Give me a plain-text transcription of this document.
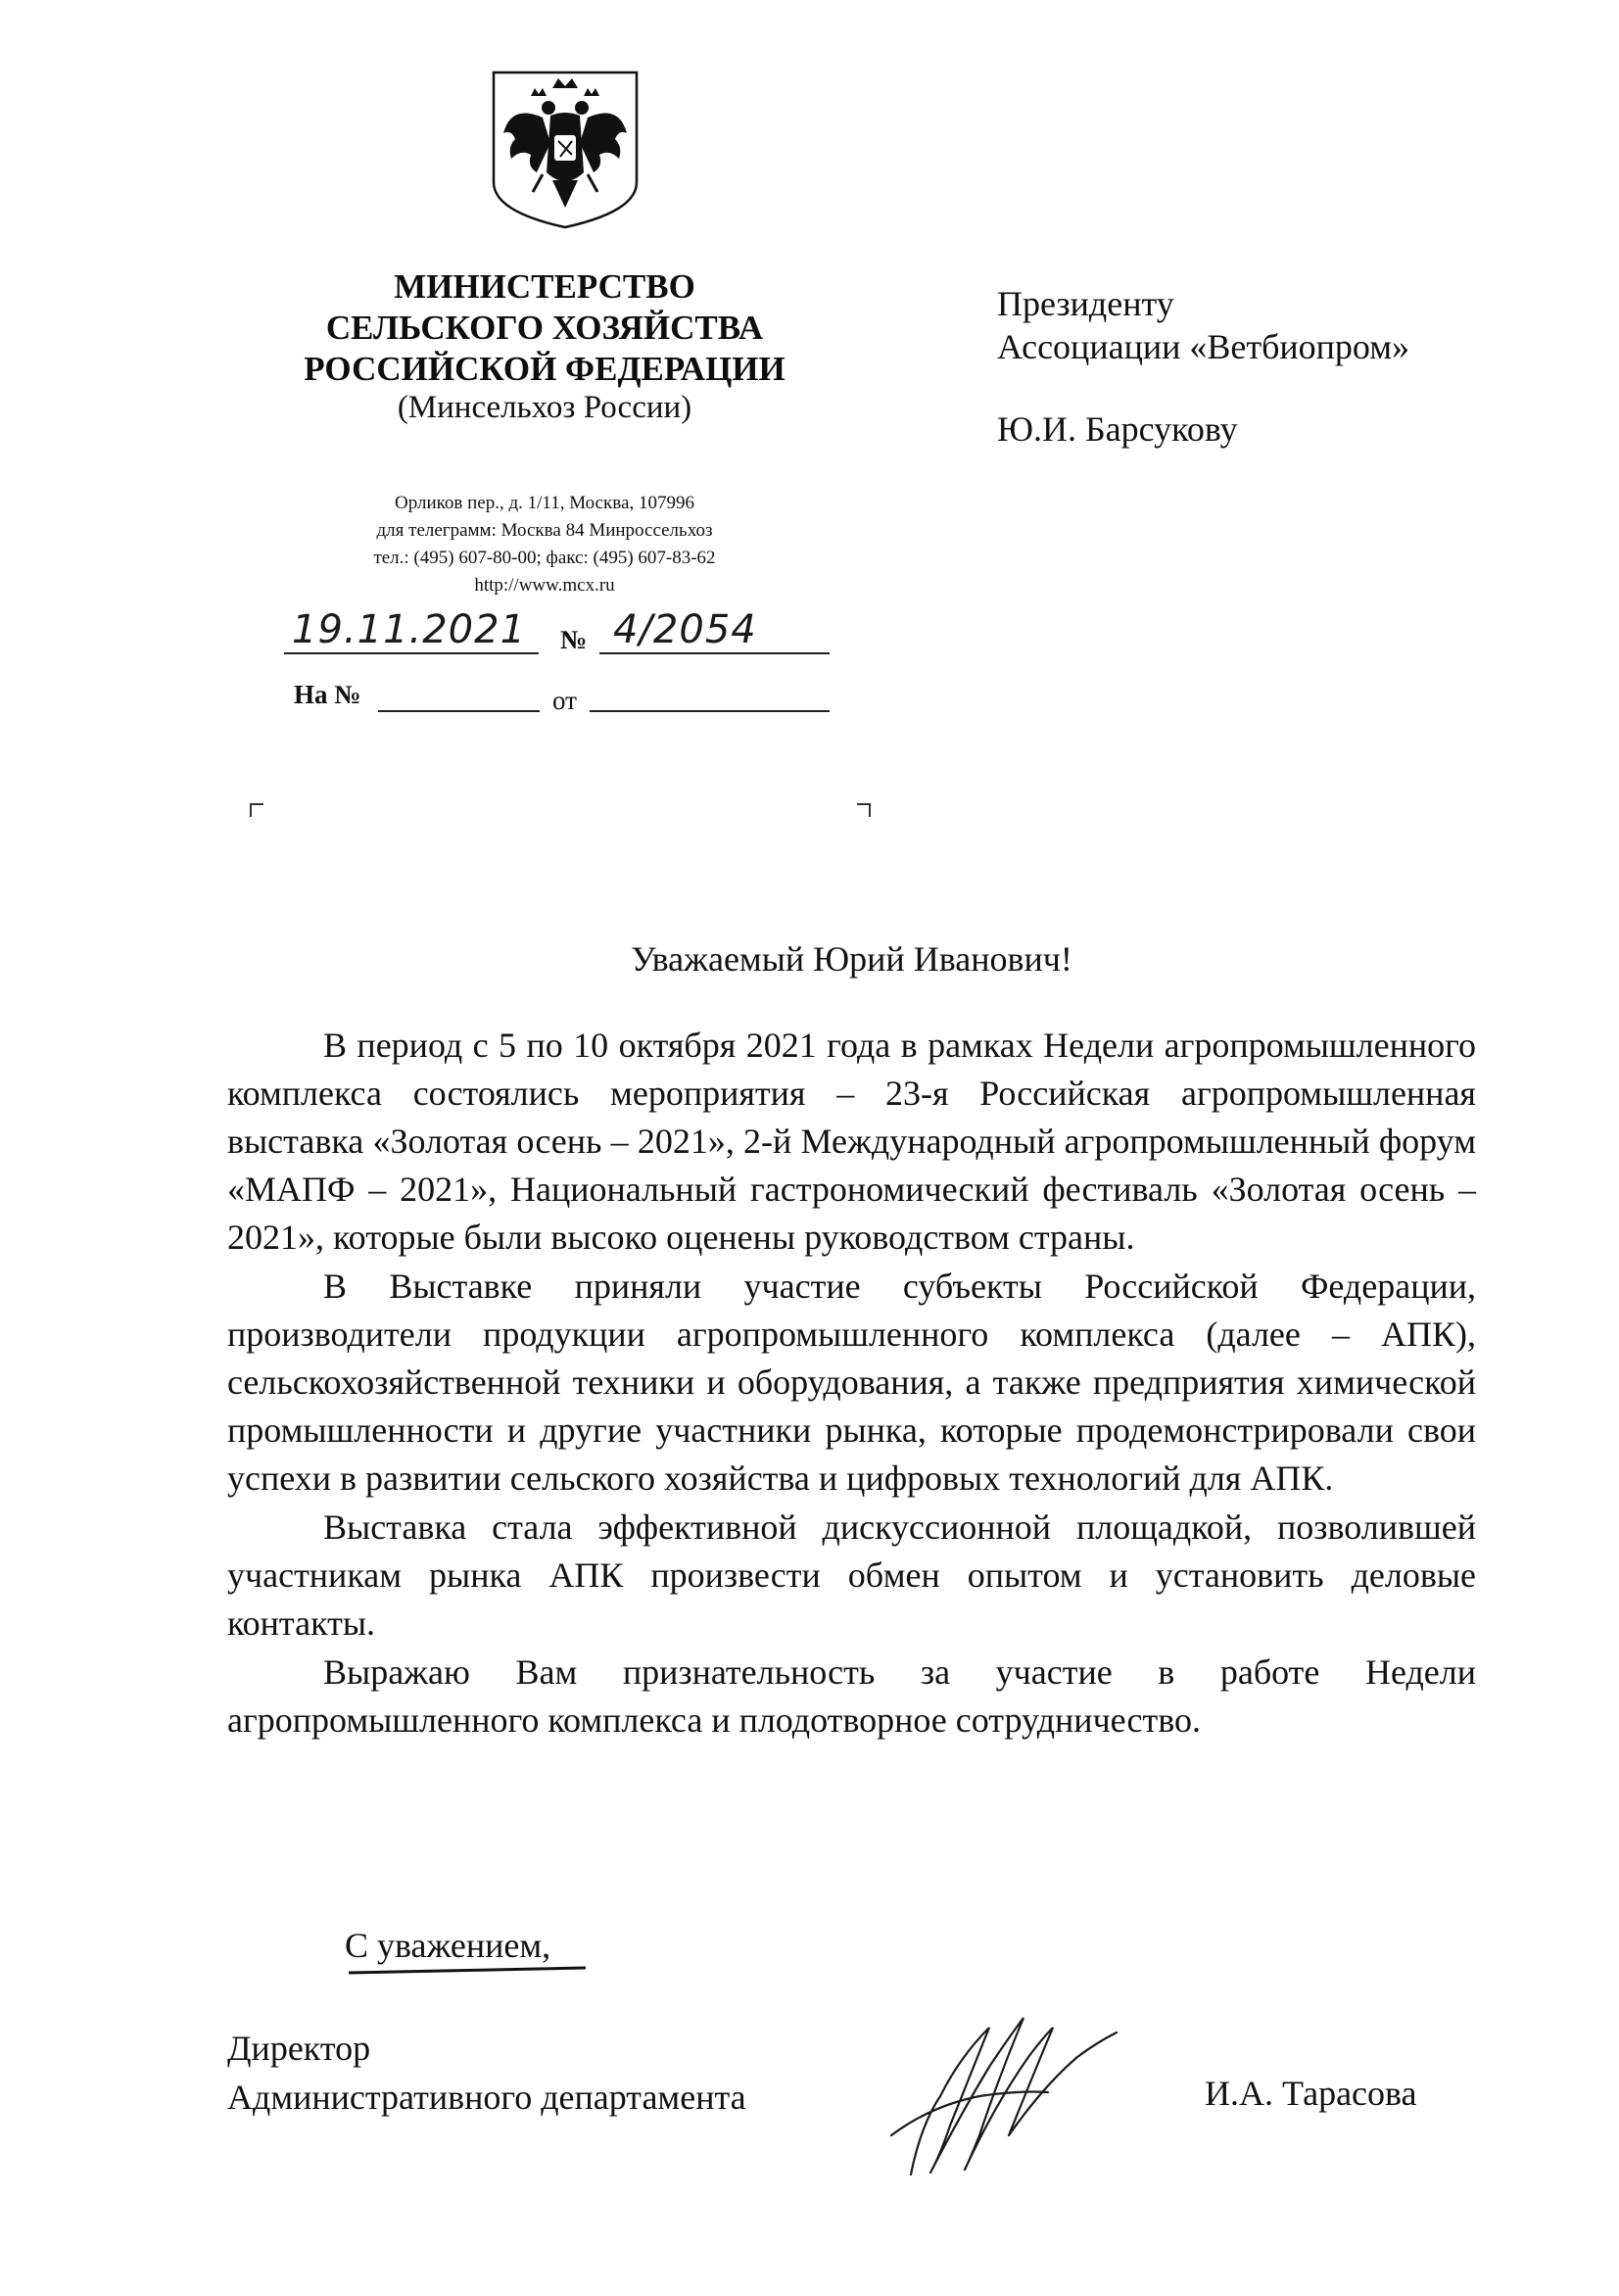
МИНИСТЕРСТВО
СЕЛЬСКОГО ХОЗЯЙСТВА
РОССИЙСКОЙ ФЕДЕРАЦИИ
(Минсельхоз России)
Орликов пер., д. 1/11, Москва, 107996
для телеграмм: Москва 84 Минроссельхоз
тел.: (495) 607-80-00; факс: (495) 607-83-62
http://www.mcx.ru
19.11.2021 № 4/2054
На №	от
Президенту
Ассоциации «Ветбиопром»
Ю.И. Барсукову
Уважаемый Юрий Иванович!

В период с 5 по 10 октября 2021 года в рамках Недели агропромышленного комплекса состоялись мероприятия – 23-я Российская агропромышленная выставка «Золотая осень – 2021», 2-й Международный агропромышленный форум «МАПФ – 2021», Национальный гастрономический фестиваль «Золотая осень – 2021», которые были высоко оценены руководством страны.

В Выставке приняли участие субъекты Российской Федерации, производители продукции агропромышленного комплекса (далее – АПК), сельскохозяйственной техники и оборудования, а также предприятия химической промышленности и другие участники рынка, которые продемонстрировали свои успехи в развитии сельского хозяйства и цифровых технологий для АПК.

Выставка стала эффективной дискуссионной площадкой, позволившей участникам рынка АПК произвести обмен опытом и установить деловые контакты.

Выражаю Вам признательность за участие в работе Недели агропромышленного комплекса и плодотворное сотрудничество.

С уважением,
Директор
Административного департамента	И.А. Тарасова
